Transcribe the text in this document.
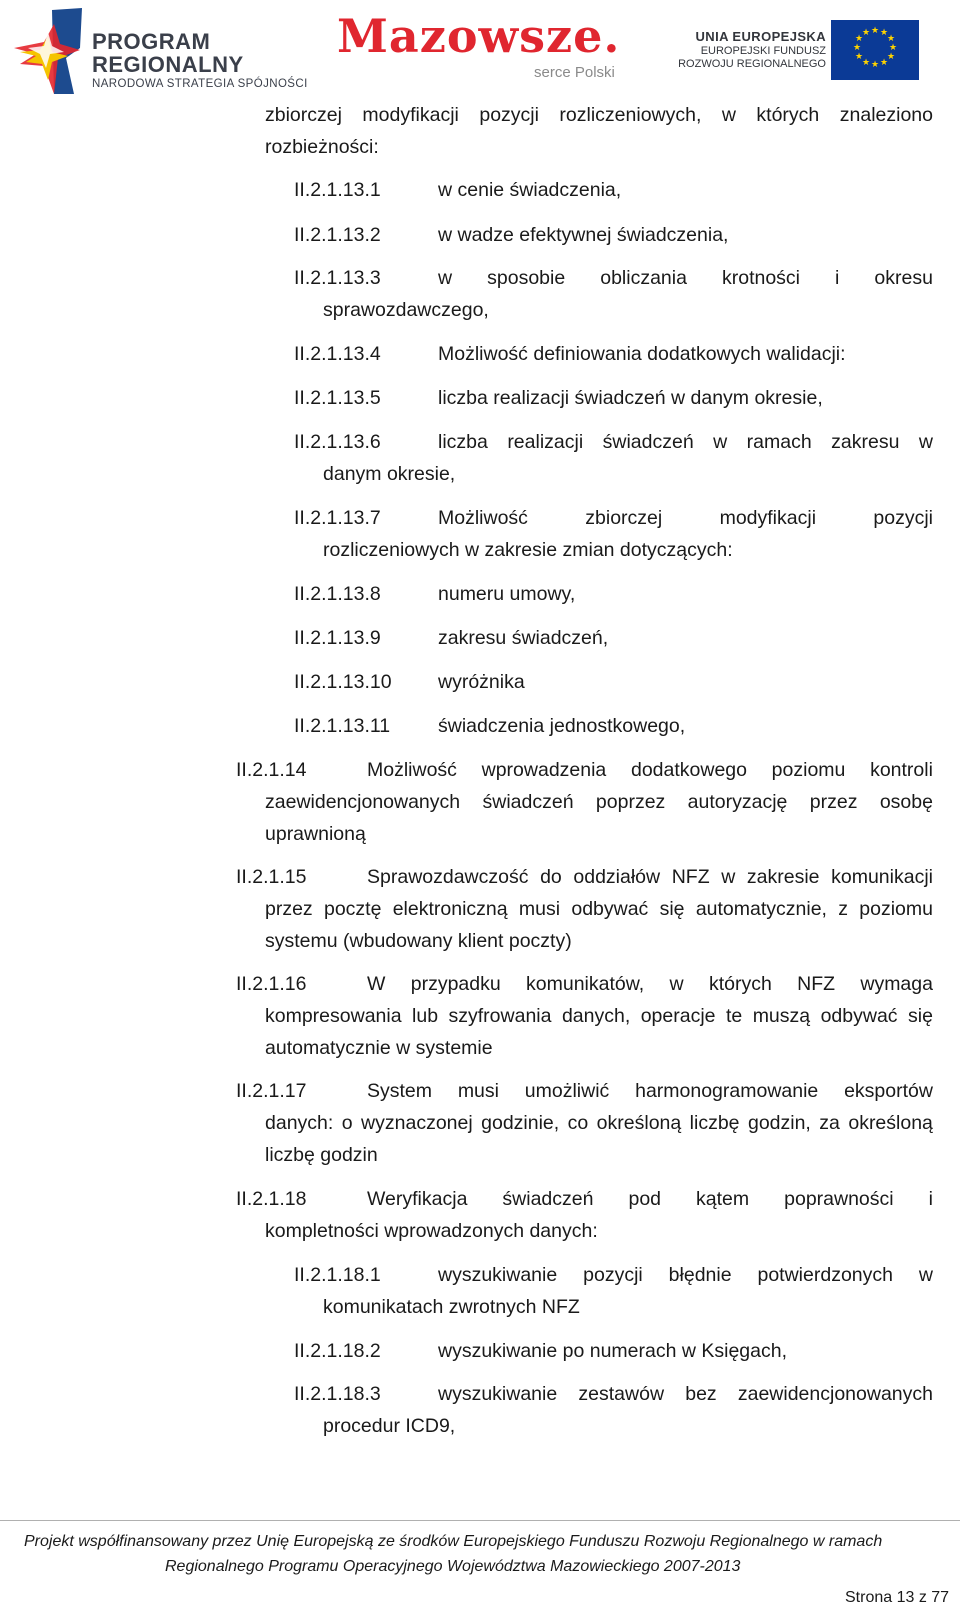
PROGRAM
REGIONALNY
NARODOWA STRATEGIA SPÓJNOŚCI
Mazowsze.
serce Polski
UNIA EUROPEJSKA
EUROPEJSKI FUNDUSZ
ROZWOJU REGIONALNEGO
★ ★
★
★
★
★
★
★
★
★
★
★
zbiorczej modyfikacji pozycji rozliczeniowych, w których znaleziono
rozbieżności:
II.2.1.13.1	w cenie świadczenia,
II.2.1.13.2	w wadze efektywnej świadczenia,
II.2.1.13.3	w sposobie obliczania krotności i okresu
sprawozdawczego,
II.2.1.13.4	Możliwość definiowania dodatkowych walidacji:
II.2.1.13.5	liczba realizacji świadczeń w danym okresie,
II.2.1.13.6	liczba realizacji świadczeń w ramach zakresu w
danym okresie,
II.2.1.13.7	Możliwość	zbiorczej	modyfikacji	pozycji
rozliczeniowych w zakresie zmian dotyczących:
II.2.1.13.8	numeru umowy,
II.2.1.13.9	zakresu świadczeń,
II.2.1.13.10 wyróżnika
II.2.1.13.11 świadczenia jednostkowego,
II.2.1.14	Możliwość wprowadzenia dodatkowego poziomu kontroli
zaewidencjonowanych świadczeń poprzez autoryzację przez osobę
uprawnioną
II.2.1.15	Sprawozdawczość do oddziałów NFZ w zakresie komunikacji
przez pocztę elektroniczną musi odbywać się automatycznie, z poziomu
systemu (wbudowany klient poczty)
II.2.1.16	W przypadku komunikatów, w których NFZ wymaga
kompresowania lub szyfrowania danych, operacje te muszą odbywać się
automatycznie w systemie
II.2.1.17	System musi umożliwić harmonogramowanie eksportów
danych: o wyznaczonej godzinie, co określoną liczbę godzin, za określoną
liczbę godzin
II.2.1.18	Weryfikacja świadczeń pod kątem poprawności i
kompletności wprowadzonych danych:
II.2.1.18.1	wyszukiwanie pozycji błędnie potwierdzonych w
komunikatach zwrotnych NFZ
II.2.1.18.2	wyszukiwanie po numerach w Księgach,
II.2.1.18.3	wyszukiwanie zestawów bez zaewidencjonowanych
procedur ICD9,
Projekt współfinansowany przez Unię Europejską ze środków Europejskiego Funduszu Rozwoju Regionalnego w ramach
Regionalnego Programu Operacyjnego Województwa Mazowieckiego 2007-2013
Strona 13 z 77
